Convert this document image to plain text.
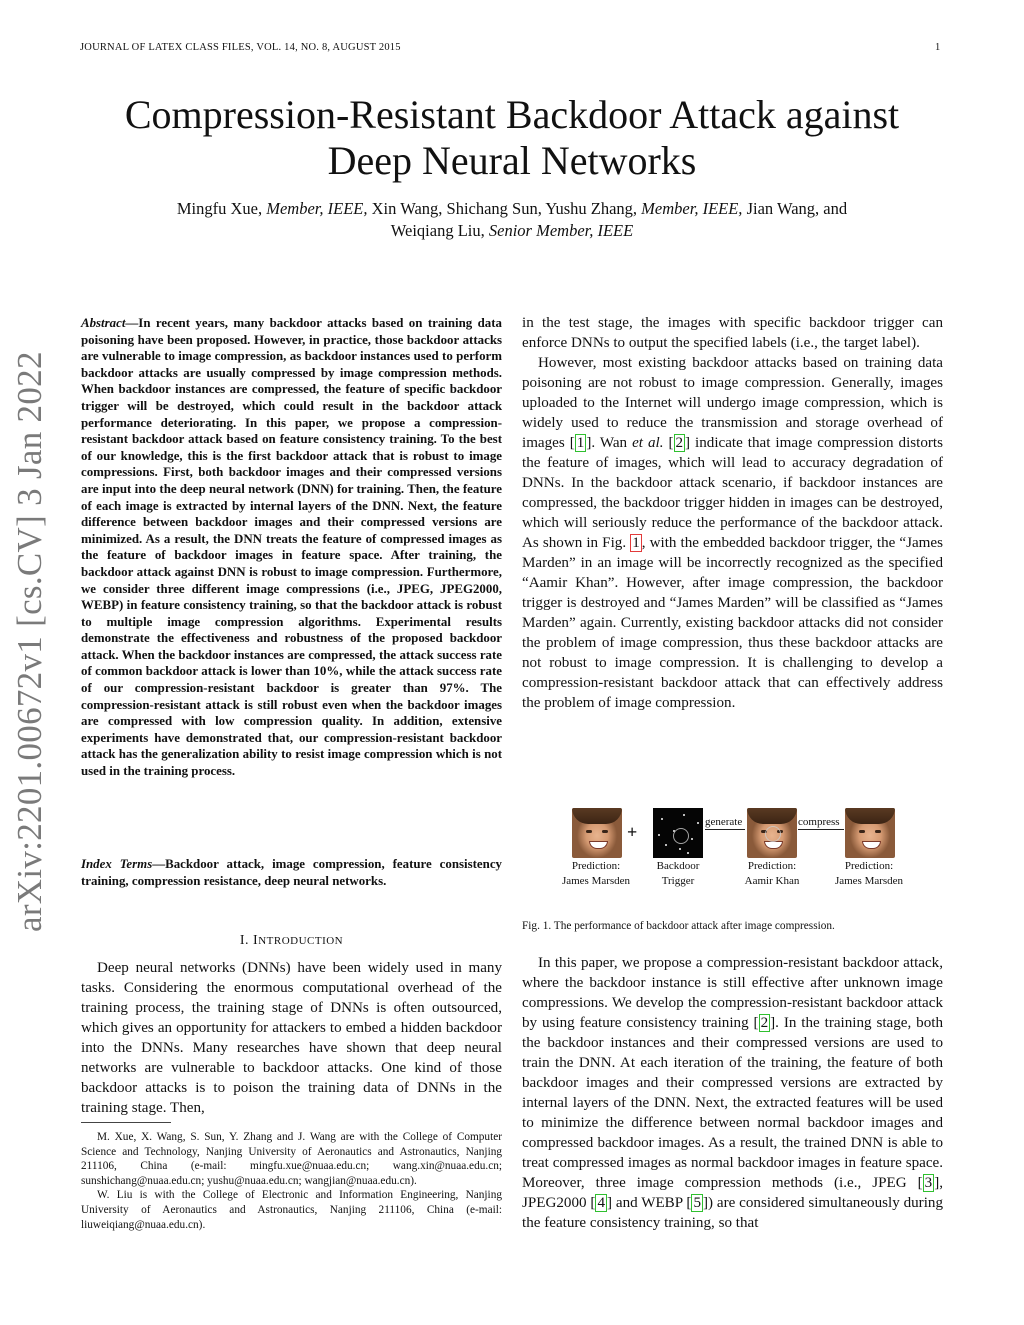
JOURNAL OF LATEX CLASS FILES, VOL. 14, NO. 8, AUGUST 2015	1
arXiv:2201.00672v1 [cs.CV] 3 Jan 2022
Compression-Resistant Backdoor Attack against Deep Neural Networks
Mingfu Xue, Member, IEEE, Xin Wang, Shichang Sun, Yushu Zhang, Member, IEEE, Jian Wang, and
Weiqiang Liu, Senior Member, IEEE
Abstract—In recent years, many backdoor attacks based on training data poisoning have been proposed. However, in practice, those backdoor attacks are vulnerable to image compression, as backdoor instances used to perform backdoor attacks are usually compressed by image compression methods. When backdoor instances are compressed, the feature of specific backdoor trigger will be destroyed, which could result in the backdoor attack performance deteriorating. In this paper, we propose a compression-resistant backdoor attack based on feature consistency training. To the best of our knowledge, this is the first backdoor attack that is robust to image compressions. First, both backdoor images and their compressed versions are input into the deep neural network (DNN) for training. Then, the feature of each image is extracted by internal layers of the DNN. Next, the feature difference between backdoor images and their compressed versions are minimized. As a result, the DNN treats the feature of compressed images as the feature of backdoor images in feature space. After training, the backdoor attack against DNN is robust to image compression. Furthermore, we consider three different image compressions (i.e., JPEG, JPEG2000, WEBP) in feature consistency training, so that the backdoor attack is robust to multiple image compression algorithms. Experimental results demonstrate the effectiveness and robustness of the proposed backdoor attack. When the backdoor instances are compressed, the attack success rate of common backdoor attack is lower than 10%, while the attack success rate of our compression-resistant backdoor is greater than 97%. The compression-resistant attack is still robust even when the backdoor images are compressed with low compression quality. In addition, extensive experiments have demonstrated that, our compression-resistant backdoor attack has the generalization ability to resist image compression which is not used in the training process.
Index Terms—Backdoor attack, image compression, feature consistency training, compression resistance, deep neural networks.
I. INTRODUCTION

Deep neural networks (DNNs) have been widely used in many tasks. Considering the enormous computational overhead of the training process, the training stage of DNNs is often outsourced, which gives an opportunity for attackers to embed a hidden backdoor into the DNNs. Many researches have shown that deep neural networks are vulnerable to backdoor attacks. One kind of those backdoor attacks is to poison the training data of DNNs in the training stage. Then,

M. Xue, X. Wang, S. Sun, Y. Zhang and J. Wang are with the College of Computer Science and Technology, Nanjing University of Aeronautics and Astronautics, Nanjing 211106, China (e-mail: mingfu.xue@nuaa.edu.cn; wang.xin@nuaa.edu.cn; sunshichang@nuaa.edu.cn; yushu@nuaa.edu.cn; wangjian@nuaa.edu.cn).

W. Liu is with the College of Electronic and Information Engineering, Nanjing University of Aeronautics and Astronautics, Nanjing 211106, China (e-mail: liuweiqiang@nuaa.edu.cn).

in the test stage, the images with specific backdoor trigger can enforce DNNs to output the specified labels (i.e., the target label).

However, most existing backdoor attacks based on training data poisoning are not robust to image compression. Generally, images uploaded to the Internet will undergo image compression, which is widely used to reduce the transmission and storage overhead of images [ 1 ]. Wan et al. [ 2 ] indicate that image compression distorts the feature of images, which will lead to accuracy degradation of DNNs. In the backdoor attack scenario, if backdoor instances are compressed, the backdoor trigger hidden in images can be destroyed, which will seriously reduce the performance of the backdoor attack. As shown in Fig. 1 , with the embedded backdoor trigger, the “James Marden” in an image will be incorrectly recognized as the specified “Aamir Khan”. However, after image compression, the backdoor trigger is destroyed and “James Marden” will be classified as “James Marden” again. Currently, existing backdoor attacks did not consider the problem of image compression, thus these backdoor attacks are not robust to image compression. It is challenging to develop a compression-resistant backdoor attack that can effectively address the problem of image compression.

+	generate	compress
Prediction:
James Marsden
Backdoor
Trigger
Prediction:
Aamir Khan
Prediction:
James Marsden
Fig. 1. The performance of backdoor attack after image compression.

In this paper, we propose a compression-resistant backdoor attack, where the backdoor instance is still effective after unknown image compressions. We develop the compression-resistant backdoor attack by using feature consistency training [ 2 ]. In the training stage, both the backdoor instances and their compressed versions are used to train the DNN. At each iteration of the training, the feature of both backdoor images and their compressed versions are extracted by internal layers of the DNN. Next, the extracted features will be used to minimize the difference between normal backdoor images and compressed backdoor images. As a result, the trained DNN is able to treat compressed images as normal backdoor images in feature space. Moreover, three image compression methods (i.e., JPEG [ 3 ], JPEG2000 [ 4 ] and WEBP [ 5 ]) are considered simultaneously during the feature consistency training, so that
